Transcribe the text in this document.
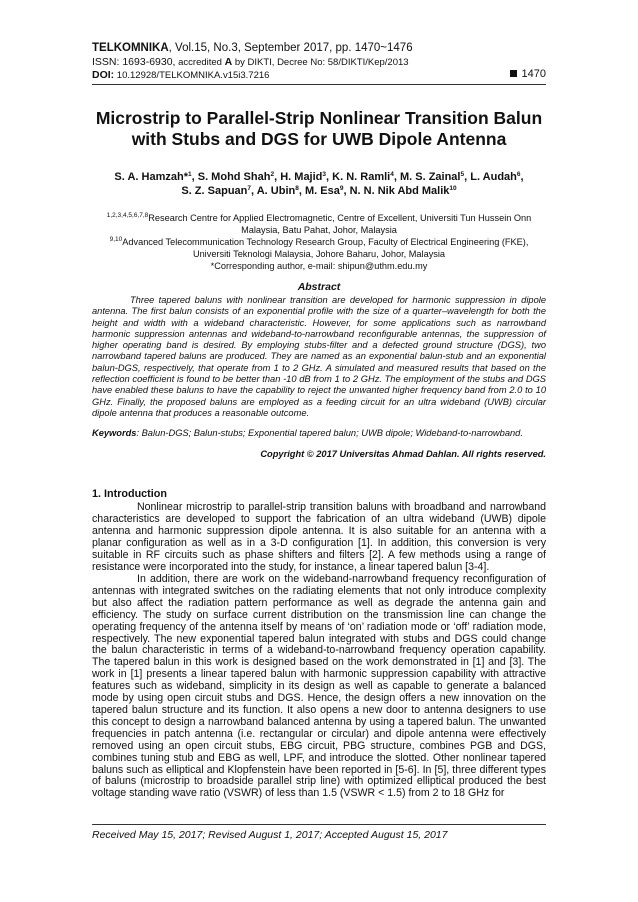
TELKOMNIKA, Vol.15, No.3, September 2017, pp. 1470~1476
ISSN: 1693-6930, accredited A by DIKTI, Decree No: 58/DIKTI/Kep/2013
DOI: 10.12928/TELKOMNIKA.v15i3.7216	1470
Microstrip to Parallel-Strip Nonlinear Transition Balun
with Stubs and DGS for UWB Dipole Antenna
S. A. Hamzah*$^1$, S. Mohd Shah$^2$, H. Majid$^3$, K. N. Ramli$^4$, M. S. Zainal$^5$, L. Audah$^6$,
S. Z. Sapuan$^7$, A. Ubin$^8$, M. Esa$^9$, N. N. Nik Abd Malik$^{10}$
$^{1,2,3,4,5,6,7,8}$Research Centre for Applied Electromagnetic, Centre of Excellent, Universiti Tun Hussein Onn
Malaysia, Batu Pahat, Johor, Malaysia
$^{9,10}$Advanced Telecommunication Technology Research Group, Faculty of Electrical Engineering (FKE),
Universiti Teknologi Malaysia, Johore Baharu, Johor, Malaysia
*Corresponding author, e-mail: shipun@uthm.edu.my
Abstract
Three tapered baluns with nonlinear transition are developed for harmonic suppression in dipole antenna. The first balun consists of an exponential profile with the size of a quarter–wavelength for both the height and width with a wideband characteristic. However, for some applications such as narrowband harmonic suppression antennas and wideband-to-narrowband reconfigurable antennas, the suppression of higher operating band is desired. By employing stubs-filter and a defected ground structure (DGS), two narrowband tapered baluns are produced. They are named as an exponential balun-stub and an exponential balun-DGS, respectively, that operate from 1 to 2 GHz. A simulated and measured results that based on the reflection coefficient is found to be better than -10 dB from 1 to 2 GHz. The employment of the stubs and DGS have enabled these baluns to have the capability to reject the unwanted higher frequency band from 2.0 to 10 GHz. Finally, the proposed baluns are employed as a feeding circuit for an ultra wideband (UWB) circular dipole antenna that produces a reasonable outcome.
Keywords: Balun-DGS; Balun-stubs; Exponential tapered balun; UWB dipole; Wideband-to-narrowband.
Copyright © 2017 Universitas Ahmad Dahlan. All rights reserved.
1. Introduction
Nonlinear microstrip to parallel-strip transition baluns with broadband and narrowband characteristics are developed to support the fabrication of an ultra wideband (UWB) dipole antenna and harmonic suppression dipole antenna. It is also suitable for an antenna with a planar configuration as well as in a 3-D configuration [1]. In addition, this conversion is very suitable in RF circuits such as phase shifters and filters [2]. A few methods using a range of resistance were incorporated into the study, for instance, a linear tapered balun [3-4].
In addition, there are work on the wideband-narrowband frequency reconfiguration of antennas with integrated switches on the radiating elements that not only introduce complexity but also affect the radiation pattern performance as well as degrade the antenna gain and efficiency. The study on surface current distribution on the transmission line can change the operating frequency of the antenna itself by means of ‘on’ radiation mode or ‘off’ radiation mode, respectively. The new exponential tapered balun integrated with stubs and DGS could change the balun characteristic in terms of a wideband-to-narrowband frequency operation capability. The tapered balun in this work is designed based on the work demonstrated in [1] and [3]. The work in [1] presents a linear tapered balun with harmonic suppression capability with attractive features such as wideband, simplicity in its design as well as capable to generate a balanced mode by using open circuit stubs and DGS. Hence, the design offers a new innovation on the tapered balun structure and its function. It also opens a new door to antenna designers to use this concept to design a narrowband balanced antenna by using a tapered balun. The unwanted frequencies in patch antenna (i.e. rectangular or circular) and dipole antenna were effectively removed using an open circuit stubs, EBG circuit, PBG structure, combines PGB and DGS, combines tuning stub and EBG as well, LPF, and introduce the slotted. Other nonlinear tapered baluns such as elliptical and Klopfenstein have been reported in [5-6]. In [5], three different types of baluns (microstrip to broadside parallel strip line) with optimized elliptical produced the best voltage standing wave ratio (VSWR) of less than 1.5 (VSWR < 1.5) from 2 to 18 GHz for
Received May 15, 2017; Revised August 1, 2017; Accepted August 15, 2017
